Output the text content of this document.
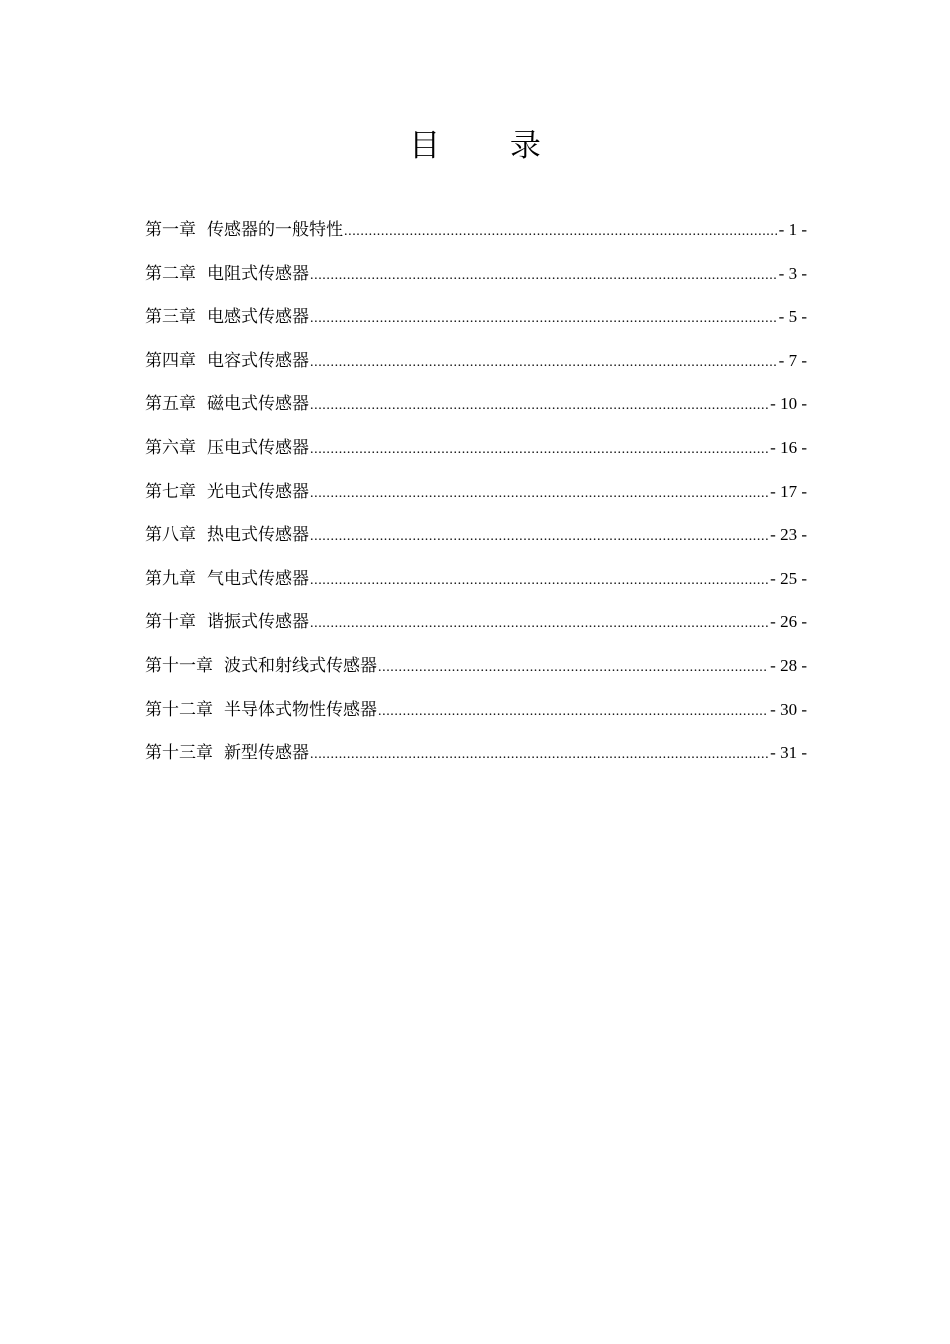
目 录
第一章 传感器的一般特性 .....	- 1 -
第二章 电阻式传感器 .....	- 3 -
第三章 电感式传感器 .....	- 5 -
第四章 电容式传感器 .....	- 7 -
第五章 磁电式传感器 .....	- 10 -
第六章 压电式传感器 .....	- 16 -
第七章 光电式传感器 .....	- 17 -
第八章 热电式传感器 .....	- 23 -
第九章 气电式传感器 .....	- 25 -
第十章 谐振式传感器 .....	- 26 -
第十一章 波式和射线式传感器 .....	- 28 -
第十二章 半导体式物性传感器 .....	- 30 -
第十三章 新型传感器 .....	- 31 -
